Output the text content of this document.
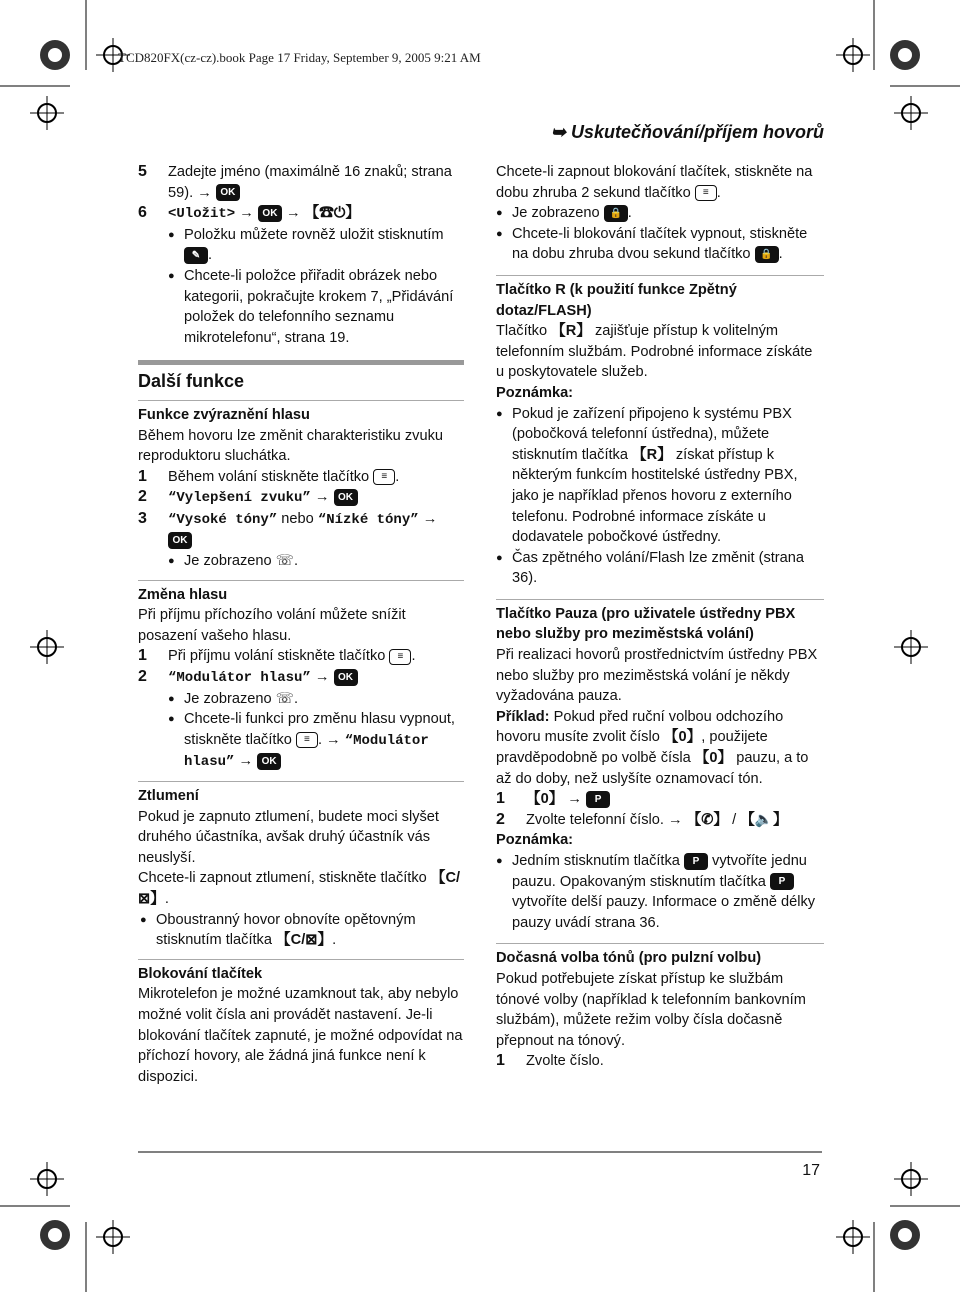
TCD820FX(cz-cz).book Page 17 Friday, September 9, 2005 9:21 AM
➥ Uskutečňování/příjem hovorů
5 Zadejte jméno (maximálně 16 znaků; strana 59). → OK
6 <Uložit> → OK → 【☎⏻】
● Položku můžete rovněž uložit stisknutím ✎ .
● Chcete-li položce přiřadit obrázek nebo kategorii, pokračujte krokem 7, „Přidávání položek do telefonního seznamu mikrotelefonu“, strana 19.
Další funkce
Funkce zvýraznění hlasu

Během hovoru lze změnit charakteristiku zvuku reproduktoru sluchátka.

1 Během volání stiskněte tlačítko ≡ .
2 “Vylepšení zvuku” → OK
3 “Vysoké tóny” nebo “Nízké tóny” → OK
● Je zobrazeno ☏.
Změna hlasu

Při příjmu příchozího volání můžete snížit posazení vašeho hlasu.

1 Při příjmu volání stiskněte tlačítko ≡ .
2 “Modulátor hlasu” → OK
● Je zobrazeno ☏.
● Chcete-li funkci pro změnu hlasu vypnout, stiskněte tlačítko ≡ . → “Modulátor hlasu” → OK
Ztlumení

Pokud je zapnuto ztlumení, budete moci slyšet druhého účastníka, avšak druhý účastník vás neuslyší.

Chcete-li zapnout ztlumení, stiskněte tlačítko 【C/⊠】.

● Oboustranný hovor obnovíte opětovným stisknutím tlačítka 【C/⊠】.
Blokování tlačítek

Mikrotelefon je možné uzamknout tak, aby nebylo možné volit čísla ani provádět nastavení. Je-li blokování tlačítek zapnuté, je možné odpovídat na příchozí hovory, ale žádná jiná funkce není k dispozici.

Chcete-li zapnout blokování tlačítek, stiskněte na dobu zhruba 2 sekund tlačítko ≡ .

● Je zobrazeno 🔒 .
● Chcete-li blokování tlačítek vypnout, stiskněte na dobu zhruba dvou sekund tlačítko 🔒 .
Tlačítko R (k použití funkce Zpětný dotaz/FLASH)

Tlačítko 【R】 zajišťuje přístup k volitelným telefonním službám. Podrobné informace získáte u poskytovatele služeb.

Poznámka:
● Pokud je zařízení připojeno k systému PBX (pobočková telefonní ústředna), můžete stisknutím tlačítka 【R】 získat přístup k některým funkcím hostitelské ústředny PBX, jako je například přenos hovoru z externího telefonu. Podrobné informace získáte u dodavatele pobočkové ústředny.
● Čas zpětného volání/Flash lze změnit (strana 36).
Tlačítko Pauza (pro uživatele ústředny PBX nebo služby pro meziměstská volání)

Při realizaci hovorů prostřednictvím ústředny PBX nebo služby pro meziměstská volání je někdy vyžadována pauza.

Příklad: Pokud před ruční volbou odchozího hovoru musíte zvolit číslo 【0】, použijete pravděpodobně po volbě čísla 【0】 pauzu, a to až do doby, než uslyšíte oznamovací tón.

1 【0】 → P
2 Zvolte telefonní číslo. → 【✆】 / 【🔈】
Poznámka:
● Jedním stisknutím tlačítka P vytvoříte jednu pauzu. Opakovaným stisknutím tlačítka P vytvoříte delší pauzy. Informace o změně délky pauzy uvádí strana 36.
Dočasná volba tónů (pro pulzní volbu)

Pokud potřebujete získat přístup ke službám tónové volby (například k telefonním bankovním službám), můžete režim volby čísla dočasně přepnout na tónový.

1 Zvolte číslo.
17
